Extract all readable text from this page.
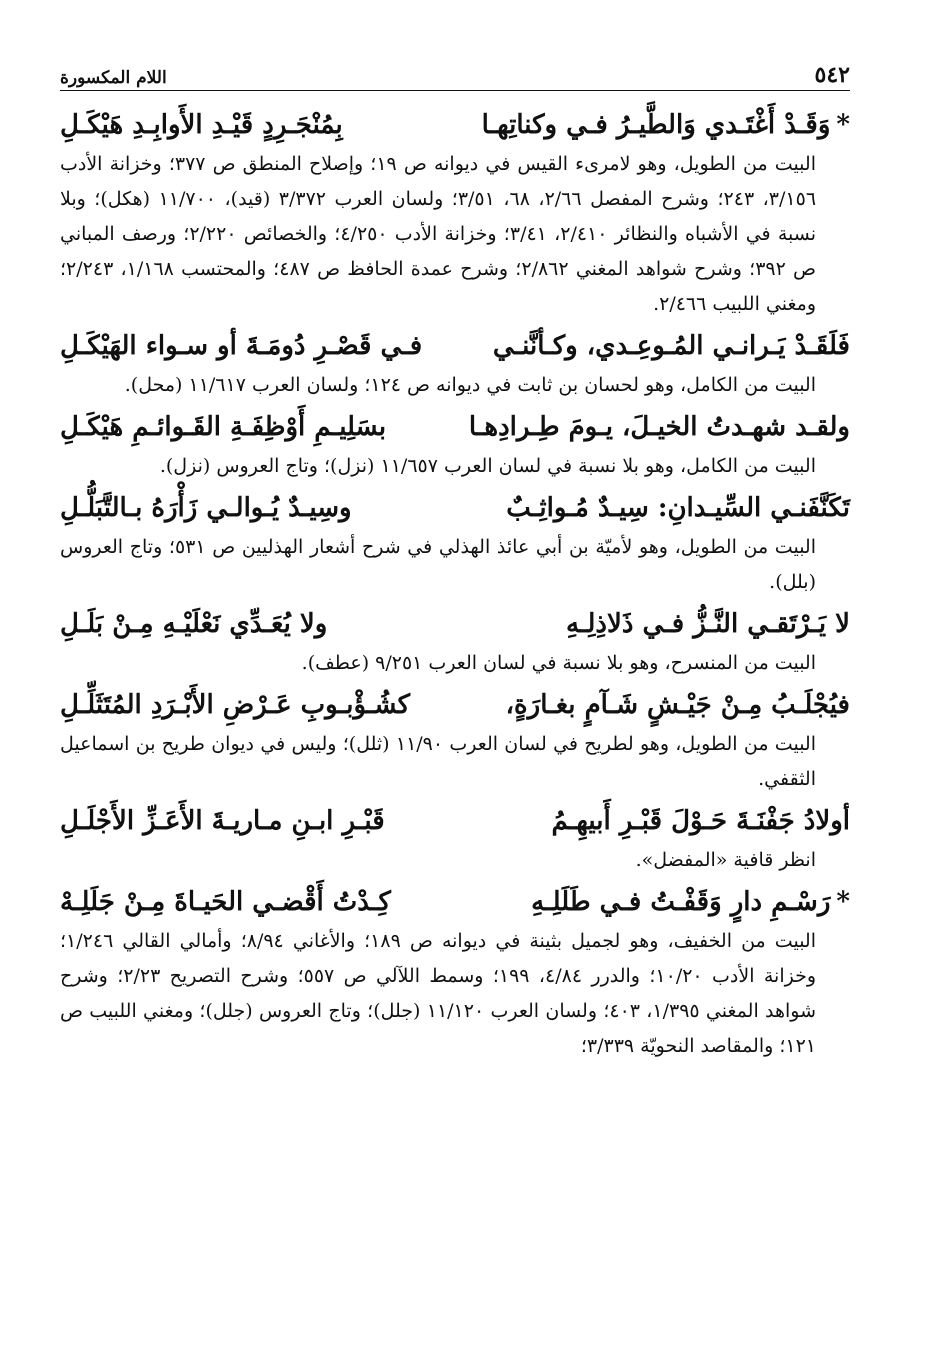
٥٤٢
اللام المكسورة
*وَقَـدْ أَغْتَـدي وَالطَّيـرُ فـي وكناتِهـا
بِمُنْجَـرِدٍ قَيْـدِ الأَوابِـدِ هَيْكَـلِ
البيت من الطويل، وهو لامرىء القيس في ديوانه ص ١٩؛ وإصلاح المنطق ص ٣٧٧؛ وخزانة الأدب ٣/١٥٦، ٢٤٣؛ وشرح المفصل ٢/٦٦، ٦٨، ٣/٥١؛ ولسان العرب ٣/٣٧٢ (قيد)، ١١/٧٠٠ (هكل)؛ وبلا نسبة في الأشباه والنظائر ٢/٤١٠، ٣/٤١؛ وخزانة الأدب ٤/٢٥٠؛ والخصائص ٢/٢٢٠؛ ورصف المباني ص ٣٩٢؛ وشرح شواهد المغني ٢/٨٦٢؛ وشرح عمدة الحافظ ص ٤٨٧؛ والمحتسب ١/١٦٨، ٢/٢٤٣؛ ومغني اللبيب ٢/٤٦٦.
فَلَقَـدْ يَـرانـي المُـوعِـدي، وكـأنَّنـي
فـي قَصْـرِ دُومَـةَ أو سـواء الهَيْكَـلِ
البيت من الكامل، وهو لحسان بن ثابت في ديوانه ص ١٢٤؛ ولسان العرب ١١/٦١٧ (محل).
ولقـد شهـدتُ الخيـلَ، يـومَ طِـرادِهـا
بسَلِيـمِ أَوْظِفَـةِ القَـوائـمِ هَيْكَـلِ
البيت من الكامل، وهو بلا نسبة في لسان العرب ١١/٦٥٧ (نزل)؛ وتاج العروس (نزل).
تَكَنَّفَنـي السِّيـدانِ: سِيـدٌ مُـواثِـبٌ
وسِيـدٌ يُـوالـي زَأْرَهُ بـالتَّبَلُّـلِ
البيت من الطويل، وهو لأميّة بن أبي عائذ الهذلي في شرح أشعار الهذليين ص ٥٣١؛ وتاج العروس (بلل).
لا يَـرْتَقـي النَّـزُّ فـي ذَلاذِلِـهِ
ولا يُعَـدِّي نَعْلَيْـهِ مِـنْ بَلَـلِ
البيت من المنسرح، وهو بلا نسبة في لسان العرب ٩/٢٥١ (عطف).
فيُجْلَـبُ مِـنْ جَيْـشٍ شَـآمٍ بغـارَةٍ،
كشُـؤْبـوبِ عَـرْضِ الأَبْـرَدِ المُتَثَلِّـلِ
البيت من الطويل، وهو لطريح في لسان العرب ١١/٩٠ (ثلل)؛ وليس في ديوان طريح بن اسماعيل الثقفي.
أولادُ جَفْنَـةَ حَـوْلَ قَبْـرِ أَبيهِـمُ
قَبْـرِ ابـنِ مـاريـةَ الأَعَـزِّ الأَجْلَـلِ
انظر قافية «المفضل».
*رَسْـمِ دارٍ وَقَفْـتُ فـي طَلَلِـهِ
كِـدْتُ أَقْضـي الحَيـاةَ مِـنْ جَلَلِـهْ
البيت من الخفيف، وهو لجميل بثينة في ديوانه ص ١٨٩؛ والأغاني ٨/٩٤؛ وأمالي القالي ١/٢٤٦؛ وخزانة الأدب ١٠/٢٠؛ والدرر ٤/٨٤، ١٩٩؛ وسمط اللآلي ص ٥٥٧؛ وشرح التصريح ٢/٢٣؛ وشرح شواهد المغني ١/٣٩٥، ٤٠٣؛ ولسان العرب ١١/١٢٠ (جلل)؛ وتاج العروس (جلل)؛ ومغني اللبيب ص ١٢١؛ والمقاصد النحويّة ٣/٣٣٩؛
